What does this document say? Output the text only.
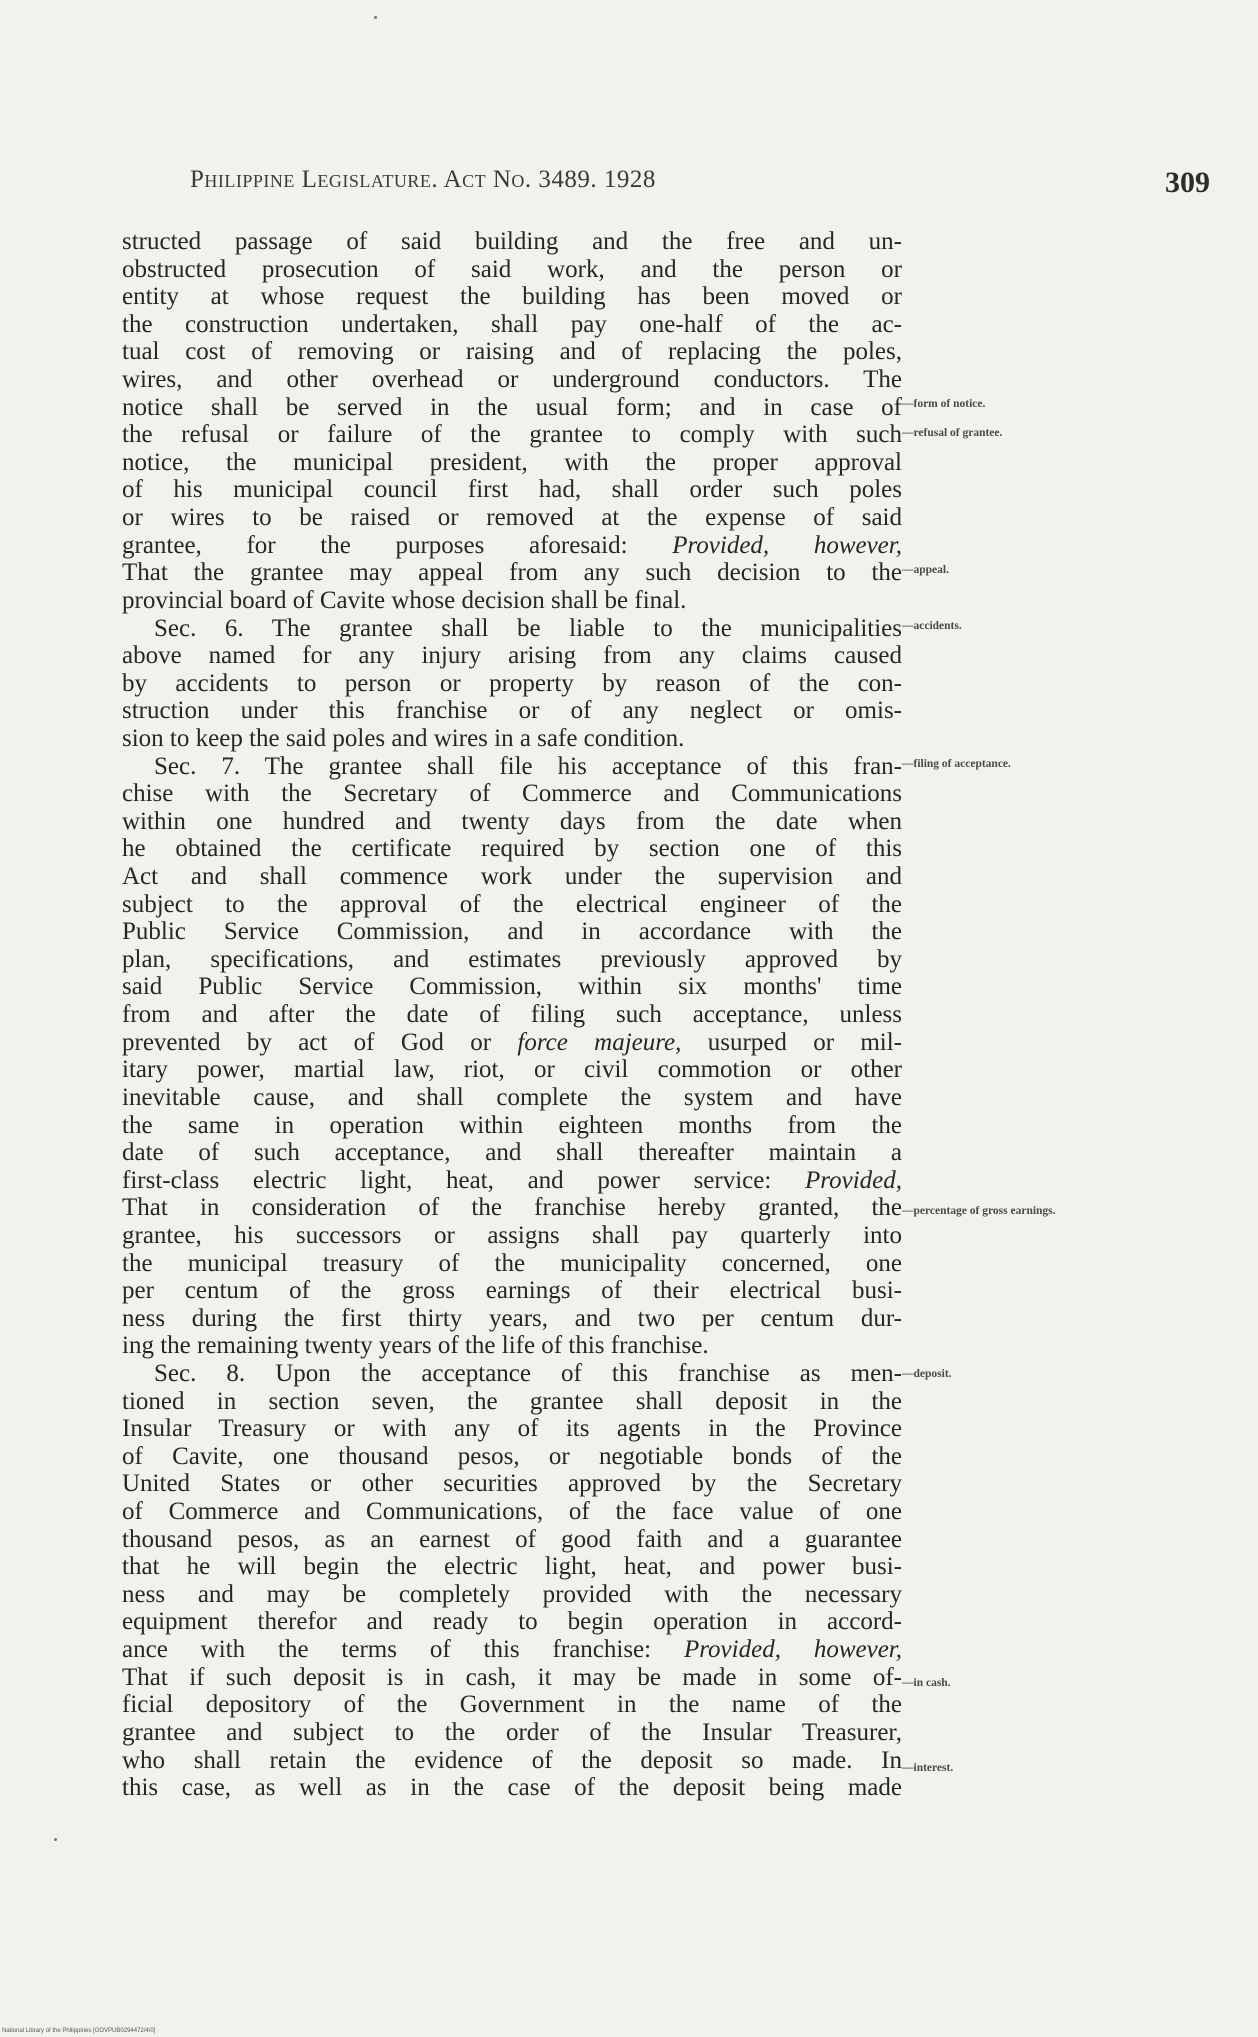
Philippine Legislature. Act No. 3489. 1928	309
structed passage of said building and the free and un-
obstructed prosecution of said work, and the person or
entity at whose request the building has been moved or
the construction undertaken, shall pay one-half of the ac-
tual cost of removing or raising and of replacing the poles,
wires, and other overhead or underground conductors. The
notice shall be served in the usual form; and in case of
the refusal or failure of the grantee to comply with such
notice, the municipal president, with the proper approval
of his municipal council first had, shall order such poles
or wires to be raised or removed at the expense of said
grantee, for the purposes aforesaid: Provided, however,
That the grantee may appeal from any such decision to the
provincial board of Cavite whose decision shall be final.
Sec. 6. The grantee shall be liable to the municipalities
above named for any injury arising from any claims caused
by accidents to person or property by reason of the con-
struction under this franchise or of any neglect or omis-
sion to keep the said poles and wires in a safe condition.
Sec. 7. The grantee shall file his acceptance of this fran-
chise with the Secretary of Commerce and Communications
within one hundred and twenty days from the date when
he obtained the certificate required by section one of this
Act and shall commence work under the supervision and
subject to the approval of the electrical engineer of the
Public Service Commission, and in accordance with the
plan, specifications, and estimates previously approved by
said Public Service Commission, within six months' time
from and after the date of filing such acceptance, unless
prevented by act of God or force majeure, usurped or mil-
itary power, martial law, riot, or civil commotion or other
inevitable cause, and shall complete the system and have
the same in operation within eighteen months from the
date of such acceptance, and shall thereafter maintain a
first-class electric light, heat, and power service: Provided,
That in consideration of the franchise hereby granted, the
grantee, his successors or assigns shall pay quarterly into
the municipal treasury of the municipality concerned, one
per centum of the gross earnings of their electrical busi-
ness during the first thirty years, and two per centum dur-
ing the remaining twenty years of the life of this franchise.
Sec. 8. Upon the acceptance of this franchise as men-
tioned in section seven, the grantee shall deposit in the
Insular Treasury or with any of its agents in the Province
of Cavite, one thousand pesos, or negotiable bonds of the
United States or other securities approved by the Secretary
of Commerce and Communications, of the face value of one
thousand pesos, as an earnest of good faith and a guarantee
that he will begin the electric light, heat, and power busi-
ness and may be completely provided with the necessary
equipment therefor and ready to begin operation in accord-
ance with the terms of this franchise: Provided, however,
That if such deposit is in cash, it may be made in some of-
ficial depository of the Government in the name of the
grantee and subject to the order of the Insular Treasurer,
who shall retain the evidence of the deposit so made. In
this case, as well as in the case of the deposit being made
—form of notice.
—refusal of grantee.
—appeal.
—accidents.
—filing of acceptance.
—percentage of gross earnings.
—deposit.
—in cash.
—interest.
National Library of the Philippines [GOVPUB0294472/4/0]
